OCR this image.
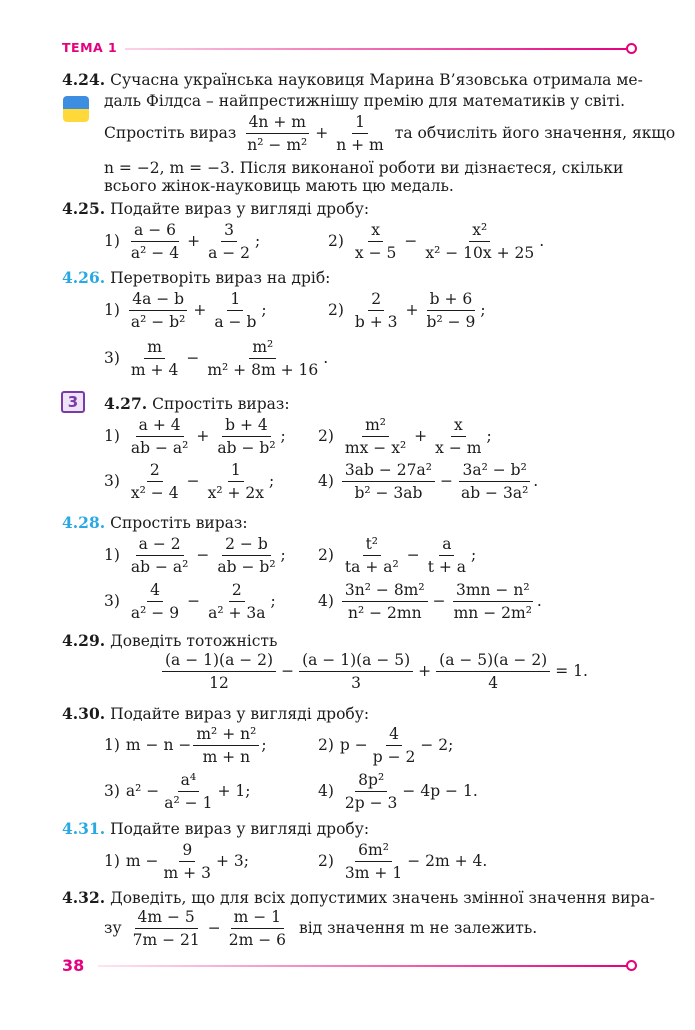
ТЕМА 1
4.24. Сучасна українська науковиця Марина В’язовська отримала ме-
даль Філдса – найпрестижнішу премію для математиків у світі.
Спростіть вираз $\frac{4n + m}{\text{n² − m²}} + \frac{1}{n + m}$ та обчисліть його значення, якщо
n = −2, m = −3. Після виконаної роботи ви дізнаєтеся, скільки
всього жінок-науковиць мають цю медаль.
4.25. Подайте вираз у вигляді дробу:
$1) \frac{a - 6}{\text{a² − 4}} + \frac{3}{a - 2}$ ;	$2) \frac{x}{x - 5} - \frac{\text{x²}}{\text{x² − 10x + 25}}$ .
4.26. Перетворіть вираз на дріб:
$1) \frac{4a - b}{\text{a² − b²}} + \frac{1}{a - b}$ ;	$2) \frac{2}{b + 3} + \frac{b + 6}{\text{b² − 9}}$ ;
$3) \frac{m}{m + 4} - \frac{\text{m²}}{\text{m² + 8m + 16}}$ .
3	4.27. Спростіть вираз:
$1) \frac{a + 4}{\text{ab − a²}} + \frac{b + 4}{\text{ab − b²}}$ ; $2) \frac{\text{m²}}{\text{mx − x²}} + \frac{x}{x - m}$ ;
$3) \frac{2}{\text{x² − 4}} - \frac{1}{\text{x² + 2x}}$ ;	$4) \frac{\text{3ab − 27a²}}{\text{b² − 3ab}} - \frac{\text{3a² − b²}}{\text{ab − 3a²}}$ .
4.28. Спростіть вираз:
$1) \frac{a - 2}{\text{ab − a²}} - \frac{2 - b}{\text{ab − b²}}$ ; $2) \frac{\text{t²}}{\text{ta + a²}} - \frac{a}{t + a}$ ;
$3) \frac{4}{\text{a² − 9}} - \frac{2}{\text{a² + 3a}}$ ;	$4) \frac{\text{3n² − 8m²}}{\text{n² − 2mn}} - \frac{\text{3mn − n²}}{\text{mn − 2m²}}$ .
4.29. Доведіть тотожність
$\frac{(a - 1)(a - 2)}{12} - \frac{(a - 1)(a - 5)}{3} + \frac{(a - 5)(a - 2)}{4} = 1$.
4.30. Подайте вираз у вигляді дробу:
1) $m - n - \frac{\text{m² + n²}}{m + n}$ ;	2) $p - \frac{4}{p - 2} - 2$;
3) $a^2 - \frac{\text{a⁴}}{\text{a² − 1}} + 1$;	$4) \frac{\text{8p²}}{2p - 3} - 4p - 1$.
4.31. Подайте вираз у вигляді дробу:
1) $m - \frac{9}{m + 3} + 3$;	$2) \frac{\text{6m²}}{3m + 1} - 2m + 4$.
4.32. Доведіть, що для всіх допустимих значень змінної значення вира-
зу $\frac{4m - 5}{7m - 21} - \frac{m - 1}{2m - 6}$ від значення m не залежить.
38
